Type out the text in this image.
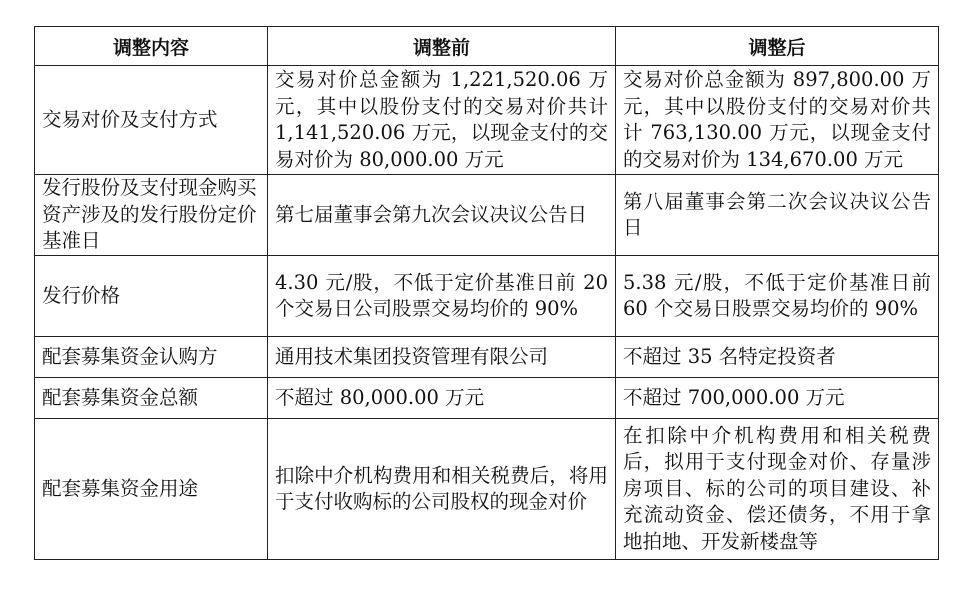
调整内容	调整前	调整后

交易对价及支付方式	交易对价总金额为 1,221,520.06 万元，其中以股份支付的交易对价共计 1,141,520.06 万元，以现金支付的交易对价为 80,000.00 万元	交易对价总金额为 897,800.00 万元，其中以股份支付的交易对价共计 763,130.00 万元，以现金支付的交易对价为 134,670.00 万元

发行股份及支付现金购买资产涉及的发行股份定价基准日	第七届董事会第九次会议决议公告日	第八届董事会第二次会议决议公告日

发行价格	4.30 元/股，不低于定价基准日前 20 个交易日公司股票交易均价的 90%	5.38 元/股，不低于定价基准日前 60 个交易日股票交易均价的 90%

配套募集资金认购方	通用技术集团投资管理有限公司	不超过 35 名特定投资者

配套募集资金总额	不超过 80,000.00 万元	不超过 700,000.00 万元

配套募集资金用途	扣除中介机构费用和相关税费后，将用于支付收购标的公司股权的现金对价	在扣除中介机构费用和相关税费后，拟用于支付现金对价、存量涉房项目、标的公司的项目建设、补充流动资金、偿还债务，不用于拿地拍地、开发新楼盘等
